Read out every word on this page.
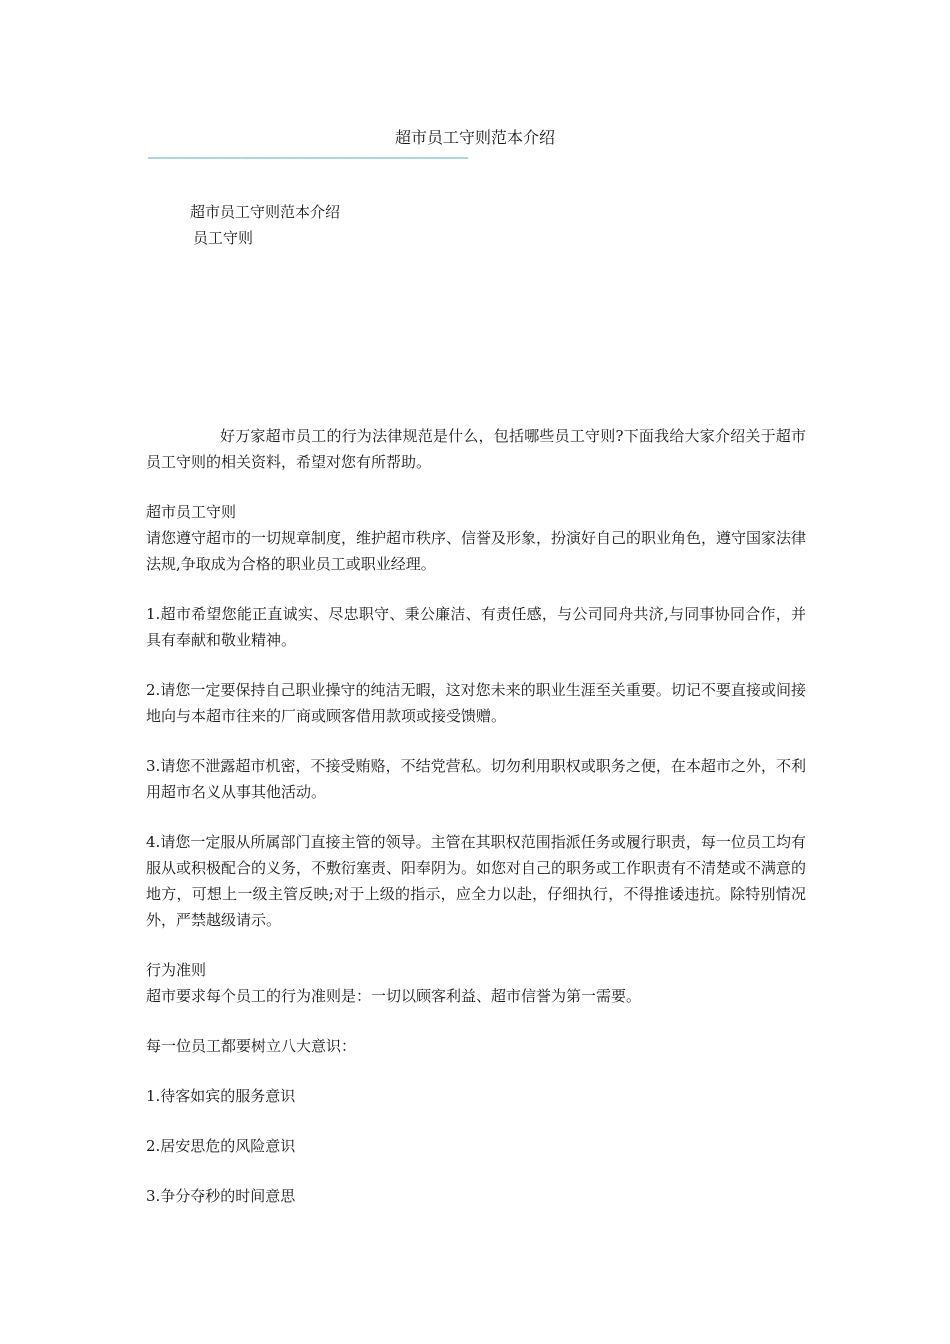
超市员工守则范本介绍
——————————————————————————————————————
超市员工守则范本介绍
员工守则

好万家超市员工的行为法律规范是什么，包括哪些员工守则?下面我给大家介绍关于超市员工守则的相关资料，希望对您有所帮助。

超市员工守则

请您遵守超市的一切规章制度，维护超市秩序、信誉及形象，扮演好自己的职业角色，遵守国家法律法规,争取成为合格的职业员工或职业经理。

1.超市希望您能正直诚实、尽忠职守、秉公廉洁、有责任感，与公司同舟共济,与同事协同合作，并具有奉献和敬业精神。

2.请您一定要保持自己职业操守的纯洁无暇，这对您未来的职业生涯至关重要。切记不要直接或间接地向与本超市往来的厂商或顾客借用款项或接受馈赠。

3.请您不泄露超市机密，不接受贿赂，不结党营私。切勿利用职权或职务之便，在本超市之外，不利用超市名义从事其他活动。

4.请您一定服从所属部门直接主管的领导。主管在其职权范围指派任务或履行职责，每一位员工均有服从或积极配合的义务，不敷衍塞责、阳奉阴为。如您对自己的职务或工作职责有不清楚或不满意的地方，可想上一级主管反映;对于上级的指示，应全力以赴，仔细执行，不得推诿违抗。除特别情况外，严禁越级请示。

行为准则

超市要求每个员工的行为准则是：一切以顾客利益、超市信誉为第一需要。

每一位员工都要树立八大意识：

1.待客如宾的服务意识

2.居安思危的风险意识

3.争分夺秒的时间意思
